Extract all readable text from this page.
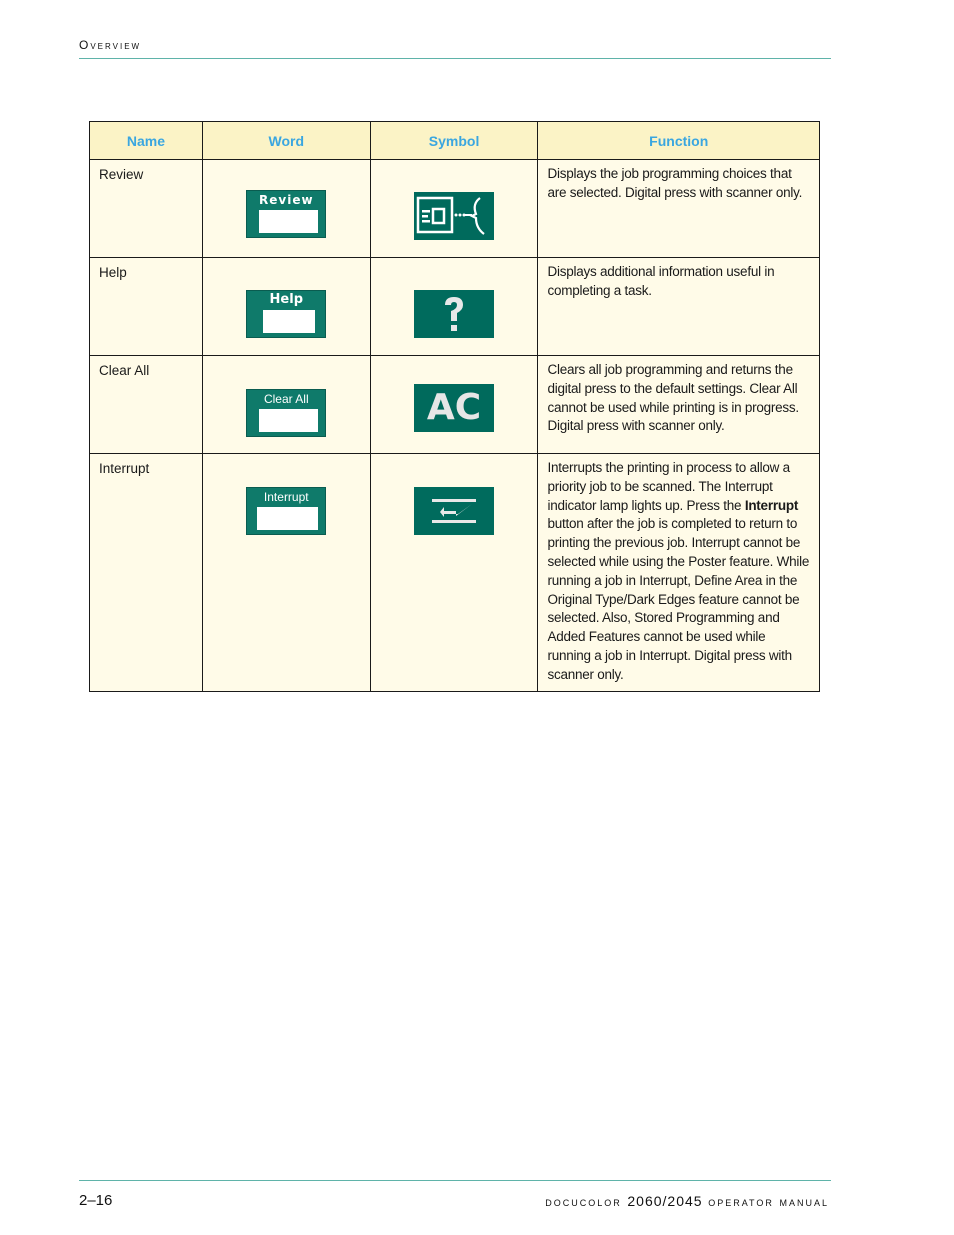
Overview
Name	Word	Symbol	Function
Review	Review		Displays the job programming choices that are selected. Digital press with scanner only.
Help	Help		Displays additional information useful in completing a task.
Clear All	Clear All	AC	Clears all job programming and returns the digital press to the default settings. Clear All cannot be used while printing is in progress. Digital press with scanner only.
Interrupt	Interrupt		Interrupts the printing in process to allow a priority job to be scanned. The Interrupt indicator lamp lights up. Press the Interrupt button after the job is completed to return to printing the previous job. Interrupt cannot be selected while using the Poster feature. While running a job in Interrupt, Define Area in the Original Type/Dark Edges feature cannot be selected. Also, Stored Programming and Added Features cannot be used while running a job in Interrupt. Digital press with scanner only.
2–16	docucolor 2060/2045 operator manual
